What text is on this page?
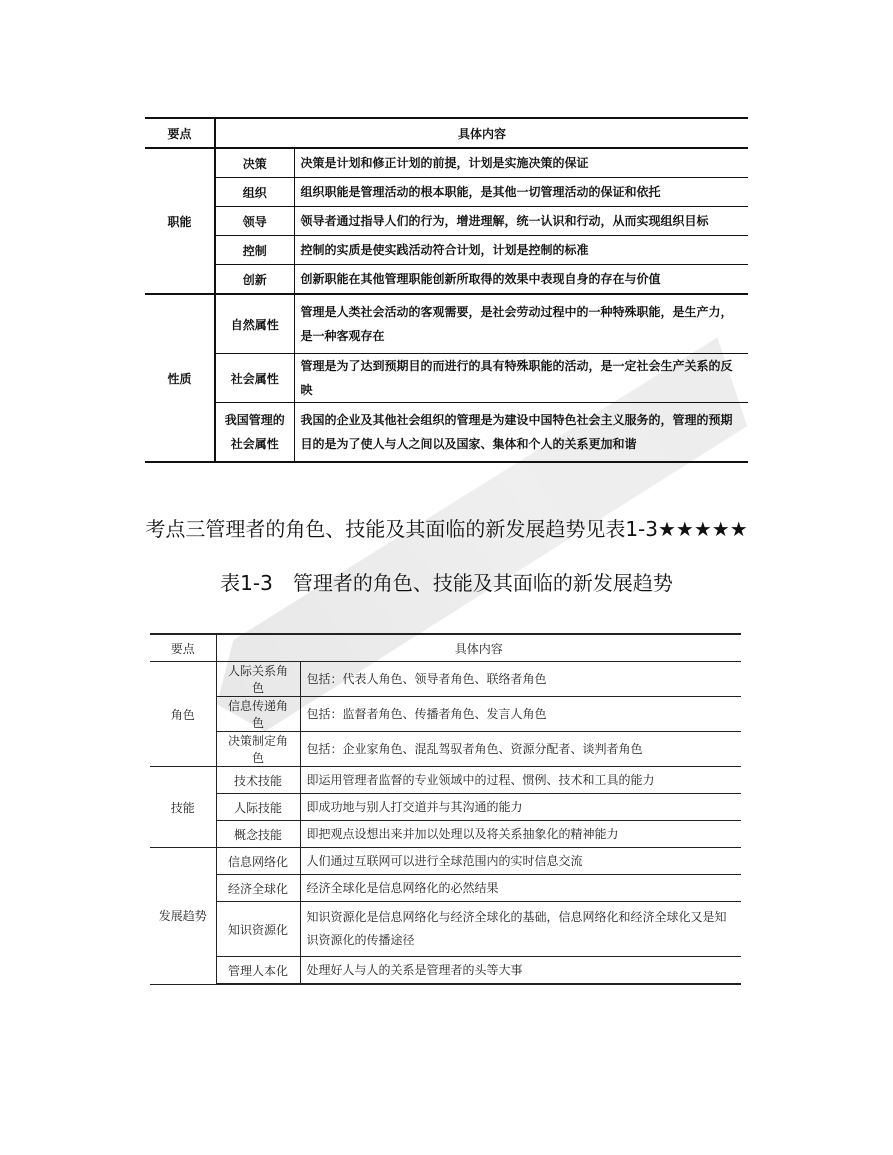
要点	具体内容	
职能	决策	决策是计划和修正计划的前提，计划是实施决策的保证
	组织	组织职能是管理活动的根本职能，是其他一切管理活动的保证和依托
	领导	领导者通过指导人们的行为，增进理解，统一认识和行动，从而实现组织目标
	控制	控制的实质是使实践活动符合计划，计划是控制的标准
	创新	创新职能在其他管理职能创新所取得的效果中表现自身的存在与价值
性质	自然属性	管理是人类社会活动的客观需要，是社会劳动过程中的一种特殊职能，是生产力，是一种客观存在
	社会属性	管理是为了达到预期目的而进行的具有特殊职能的活动，是一定社会生产关系的反映
	我国管理的社会属性	我国的企业及其他社会组织的管理是为建设中国特色社会主义服务的，管理的预期目的是为了使人与人之间以及国家、集体和个人的关系更加和谐
考点三管理者的角色、技能及其面临的新发展趋势见表1-3★★★★★
表1-3 管理者的角色、技能及其面临的新发展趋势
要点	具体内容	
角色	人际关系角色	包括：代表人角色、领导者角色、联络者角色
	信息传递角色	包括：监督者角色、传播者角色、发言人角色
	决策制定角色	包括：企业家角色、混乱驾驭者角色、资源分配者、谈判者角色
技能	技术技能	即运用管理者监督的专业领域中的过程、惯例、技术和工具的能力
	人际技能	即成功地与别人打交道并与其沟通的能力
	概念技能	即把观点设想出来并加以处理以及将关系抽象化的精神能力
发展趋势	信息网络化	人们通过互联网可以进行全球范围内的实时信息交流
	经济全球化	经济全球化是信息网络化的必然结果
	知识资源化	知识资源化是信息网络化与经济全球化的基础，信息网络化和经济全球化又是知识资源化的传播途径
	管理人本化	处理好人与人的关系是管理者的头等大事
